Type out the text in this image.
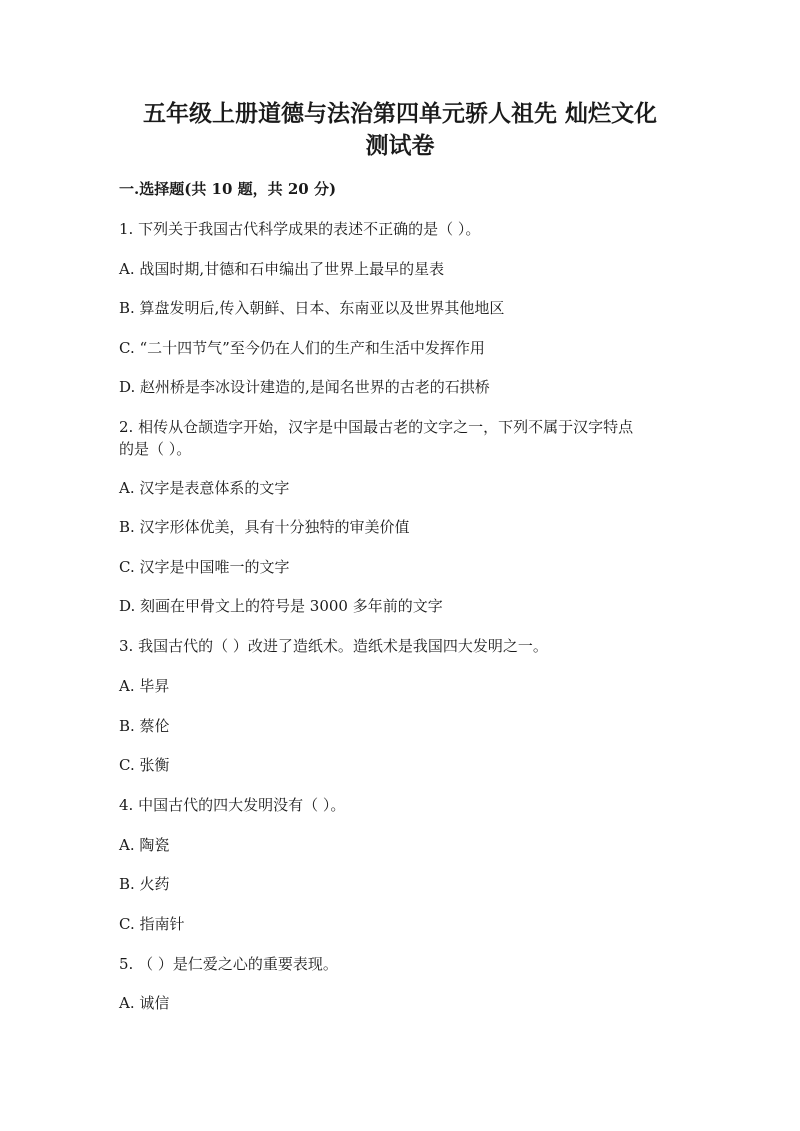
五年级上册道德与法治第四单元骄人祖先 灿烂文化
测试卷
一.选择题(共 10 题，共 20 分)

1. 下列关于我国古代科学成果的表述不正确的是（ ）。

A. 战国时期,甘德和石申编出了世界上最早的星表

B. 算盘发明后,传入朝鲜、日本、东南亚以及世界其他地区

C. “二十四节气”至今仍在人们的生产和生活中发挥作用

D. 赵州桥是李冰设计建造的,是闻名世界的古老的石拱桥

2. 相传从仓颉造字开始，汉字是中国最古老的文字之一，下列不属于汉字特点

的是（ ）。

A. 汉字是表意体系的文字

B. 汉字形体优美，具有十分独特的审美价值

C. 汉字是中国唯一的文字

D. 刻画在甲骨文上的符号是 3000 多年前的文字

3. 我国古代的（ ）改进了造纸术。造纸术是我国四大发明之一。

A. 毕昇

B. 蔡伦

C. 张衡

4. 中国古代的四大发明没有（ ）。

A. 陶瓷

B. 火药

C. 指南针

5. （ ）是仁爱之心的重要表现。

A. 诚信
